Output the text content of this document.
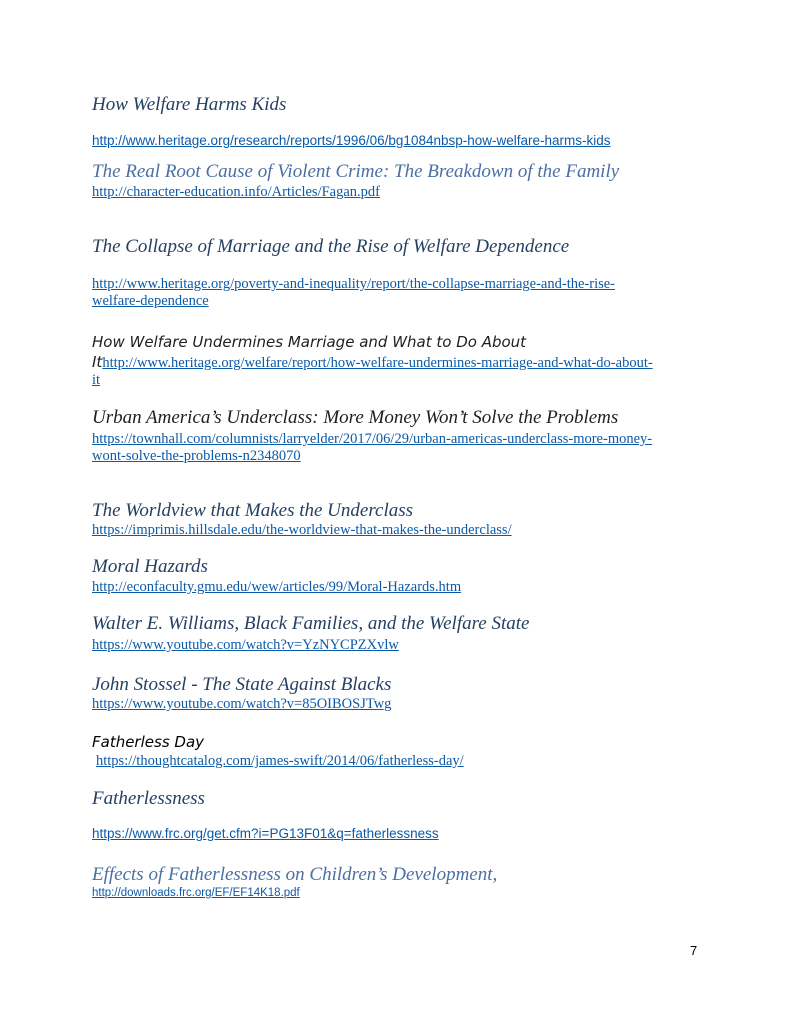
How Welfare Harms Kids
http://www.heritage.org/research/reports/1996/06/bg1084nbsp-how-welfare-harms-kids
The Real Root Cause of Violent Crime: The Breakdown of the Family
http://character-education.info/Articles/Fagan.pdf
The Collapse of Marriage and the Rise of Welfare Dependence
http://www.heritage.org/poverty-and-inequality/report/the-collapse-marriage-and-the-rise-
welfare-dependence
How Welfare Undermines Marriage and What to Do About
Ithttp://www.heritage.org/welfare/report/how-welfare-undermines-marriage-and-what-do-about-
it
Urban America’s Underclass: More Money Won’t Solve the Problems
https://townhall.com/columnists/larryelder/2017/06/29/urban-americas-underclass-more-money-
wont-solve-the-problems-n2348070
The Worldview that Makes the Underclass
https://imprimis.hillsdale.edu/the-worldview-that-makes-the-underclass/
Moral Hazards
http://econfaculty.gmu.edu/wew/articles/99/Moral-Hazards.htm
Walter E. Williams, Black Families, and the Welfare State
https://www.youtube.com/watch?v=YzNYCPZXvlw
John Stossel - The State Against Blacks
https://www.youtube.com/watch?v=85OIBOSJTwg
Fatherless Day
https://thoughtcatalog.com/james-swift/2014/06/fatherless-day/
Fatherlessness
https://www.frc.org/get.cfm?i=PG13F01&q=fatherlessness
Effects of Fatherlessness on Children’s Development,
http://downloads.frc.org/EF/EF14K18.pdf
7
